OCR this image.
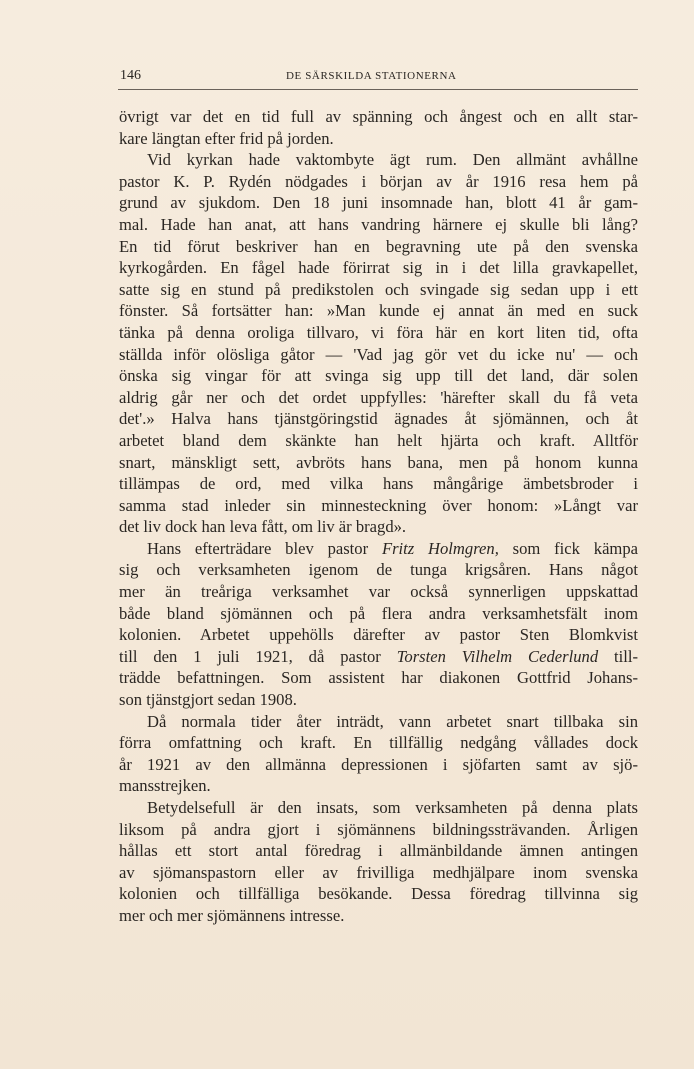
146	DE SÄRSKILDA STATIONERNA
övrigt var det en tid full av spänning och ångest och en allt star-
kare längtan efter frid på jorden.
Vid kyrkan hade vaktombyte ägt rum. Den allmänt avhållne
pastor K. P. Rydén nödgades i början av år 1916 resa hem på
grund av sjukdom. Den 18 juni insomnade han, blott 41 år gam-
mal. Hade han anat, att hans vandring härnere ej skulle bli lång?
En tid förut beskriver han en begravning ute på den svenska
kyrkogården. En fågel hade förirrat sig in i det lilla gravkapellet,
satte sig en stund på predikstolen och svingade sig sedan upp i ett
fönster. Så fortsätter han: »Man kunde ej annat än med en suck
tänka på denna oroliga tillvaro, vi föra här en kort liten tid, ofta
ställda inför olösliga gåtor — 'Vad jag gör vet du icke nu' — och
önska sig vingar för att svinga sig upp till det land, där solen
aldrig går ner och det ordet uppfylles: 'härefter skall du få veta
det'.» Halva hans tjänstgöringstid ägnades åt sjömännen, och åt
arbetet bland dem skänkte han helt hjärta och kraft. Alltför
snart, mänskligt sett, avbröts hans bana, men på honom kunna
tillämpas de ord, med vilka hans mångårige ämbetsbroder i
samma stad inleder sin minnesteckning över honom: »Långt var
det liv dock han leva fått, om liv är bragd».
Hans efterträdare blev pastor Fritz Holmgren, som fick kämpa
sig och verksamheten igenom de tunga krigsåren. Hans något
mer än treåriga verksamhet var också synnerligen uppskattad
både bland sjömännen och på flera andra verksamhetsfält inom
kolonien. Arbetet uppehölls därefter av pastor Sten Blomkvist
till den 1 juli 1921, då pastor Torsten Vilhelm Cederlund till-
trädde befattningen. Som assistent har diakonen Gottfrid Johans-
son tjänstgjort sedan 1908.
Då normala tider åter inträdt, vann arbetet snart tillbaka sin
förra omfattning och kraft. En tillfällig nedgång vållades dock
år 1921 av den allmänna depressionen i sjöfarten samt av sjö-
mansstrejken.
Betydelsefull är den insats, som verksamheten på denna plats
liksom på andra gjort i sjömännens bildningssträvanden. Årligen
hållas ett stort antal föredrag i allmänbildande ämnen antingen
av sjömanspastorn eller av frivilliga medhjälpare inom svenska
kolonien och tillfälliga besökande. Dessa föredrag tillvinna sig
mer och mer sjömännens intresse.
